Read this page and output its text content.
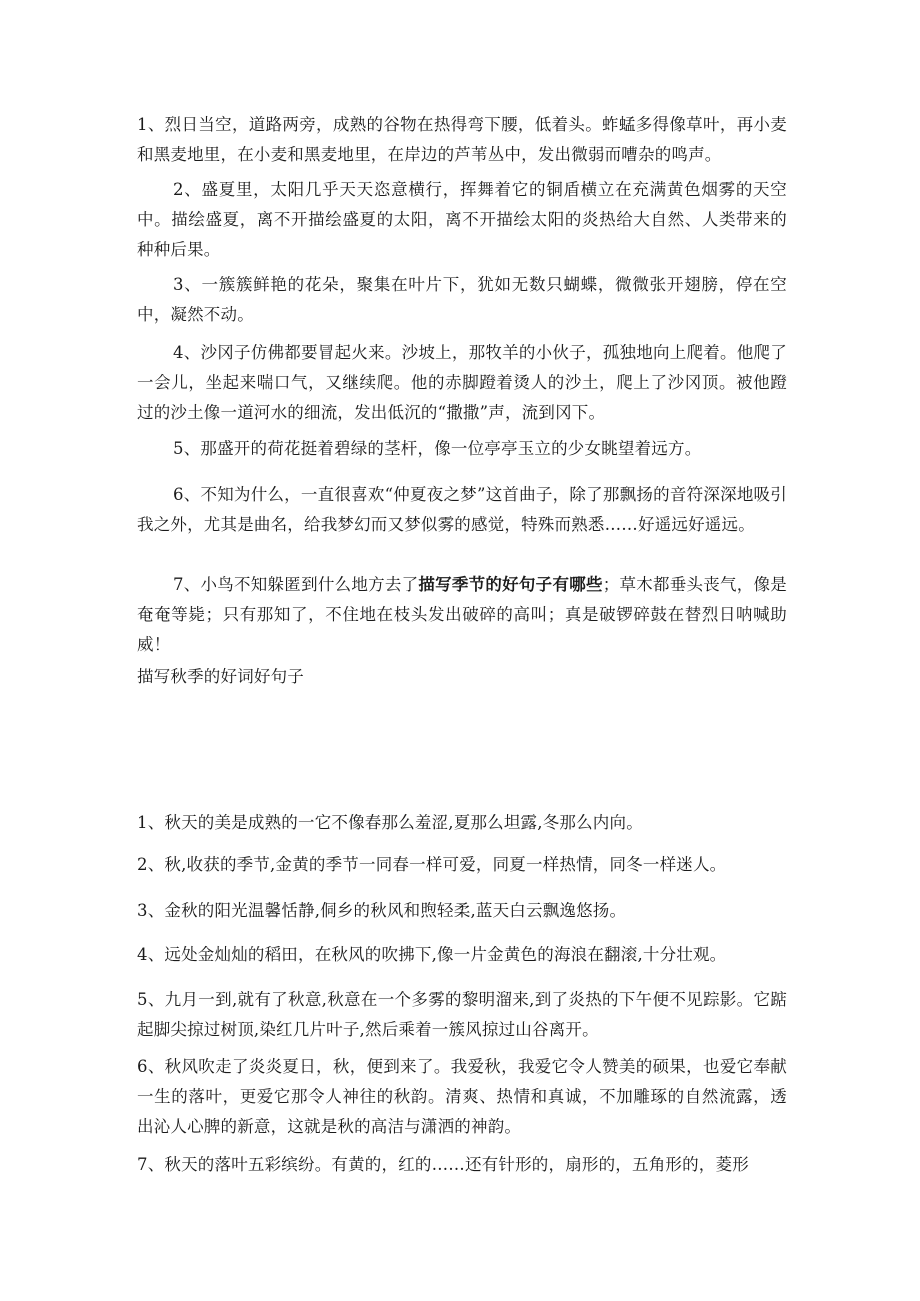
1、烈日当空，道路两旁，成熟的谷物在热得弯下腰，低着头。蚱蜢多得像草叶，再小麦和黑麦地里，在小麦和黑麦地里，在岸边的芦苇丛中，发出微弱而嘈杂的鸣声。

2、盛夏里，太阳几乎天天恣意横行，挥舞着它的铜盾横立在充满黄色烟雾的天空中。描绘盛夏，离不开描绘盛夏的太阳，离不开描绘太阳的炎热给大自然、人类带来的种种后果。

3、一簇簇鲜艳的花朵，聚集在叶片下，犹如无数只蝴蝶，微微张开翅膀，停在空中，凝然不动。

4、沙冈子仿佛都要冒起火来。沙坡上，那牧羊的小伙子，孤独地向上爬着。他爬了一会儿，坐起来喘口气，又继续爬。他的赤脚蹬着烫人的沙土，爬上了沙冈顶。被他蹬过的沙土像一道河水的细流，发出低沉的“撒撒”声，流到冈下。

5、那盛开的荷花挺着碧绿的茎杆，像一位亭亭玉立的少女眺望着远方。

6、不知为什么，一直很喜欢“仲夏夜之梦”这首曲子，除了那飘扬的音符深深地吸引我之外，尤其是曲名，给我梦幻而又梦似雾的感觉，特殊而熟悉……好遥远好遥远。

7、小鸟不知躲匿到什么地方去了描写季节的好句子有哪些；草木都垂头丧气，像是奄奄等毙；只有那知了，不住地在枝头发出破碎的高叫；真是破锣碎鼓在替烈日呐喊助威！

描写秋季的好词好句子

1、秋天的美是成熟的一它不像春那么羞涩,夏那么坦露,冬那么内向。

2、秋,收获的季节,金黄的季节一同春一样可爱，同夏一样热情，同冬一样迷人。

3、金秋的阳光温馨恬静,侗乡的秋风和煦轻柔,蓝天白云飘逸悠扬。

4、远处金灿灿的稻田，在秋风的吹拂下,像一片金黄色的海浪在翻滚,十分壮观。

5、九月一到,就有了秋意,秋意在一个多雾的黎明溜来,到了炎热的下午便不见踪影。它踮起脚尖掠过树顶,染红几片叶子,然后乘着一簇风掠过山谷离开。

6、秋风吹走了炎炎夏日，秋，便到来了。我爱秋，我爱它令人赞美的硕果，也爱它奉献一生的落叶，更爱它那令人神往的秋韵。清爽、热情和真诚，不加雕琢的自然流露，透出沁人心脾的新意，这就是秋的高洁与潇洒的神韵。

7、秋天的落叶五彩缤纷。有黄的，红的……还有针形的，扇形的，五角形的，菱形
